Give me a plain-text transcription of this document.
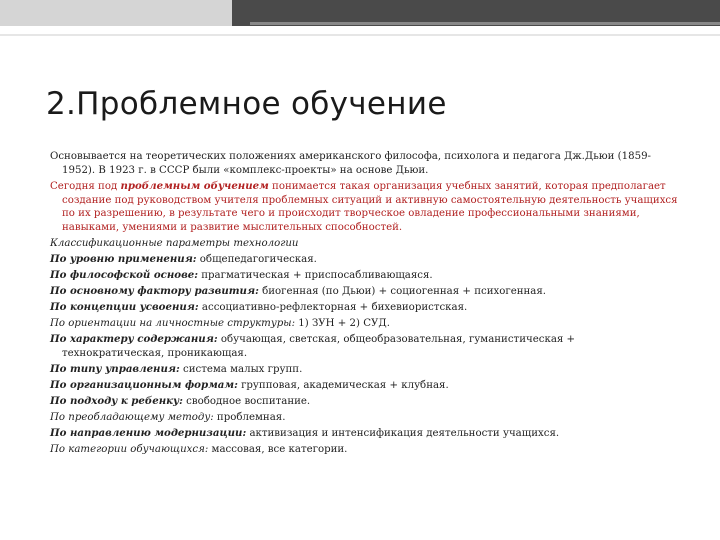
2.Проблемное обучение

Основывается на теоретических положениях американского философа, психолога и педагога Дж.Дьюи (1859-1952). В 1923 г. в СССР были «комплекс-проекты» на основе Дьюи.

Сегодня под проблемным обучением понимается такая организация учебных занятий, которая предполагает создание под руководством учителя проблемных ситуаций и активную самостоятельную деятельность учащихся по их разрешению, в результате чего и происходит творческое овладение профессиональными знаниями, навыками, умениями и развитие мыслительных способностей.

Классификационные параметры технологии

По уровню применения: общепедагогическая.

По философской основе: прагматическая + приспосабливающаяся.

По основному фактору развития: биогенная (по Дьюи) + социогенная + психогенная.

По концепции усвоения: ассоциативно-рефлекторная + бихевиористская.

По ориентации на личностные структуры: 1) ЗУН + 2) СУД.

По характеру содержания: обучающая, светская, общеобразовательная, гуманистическая + технократическая, проникающая.

По типу управления: система малых групп.

По организационным формам: групповая, академическая + клубная.

По подходу к ребенку: свободное воспитание.

По преобладающему методу: проблемная.

По направлению модернизации: активизация и интенсификация деятельности учащихся.

По категории обучающихся: массовая, все категории.
